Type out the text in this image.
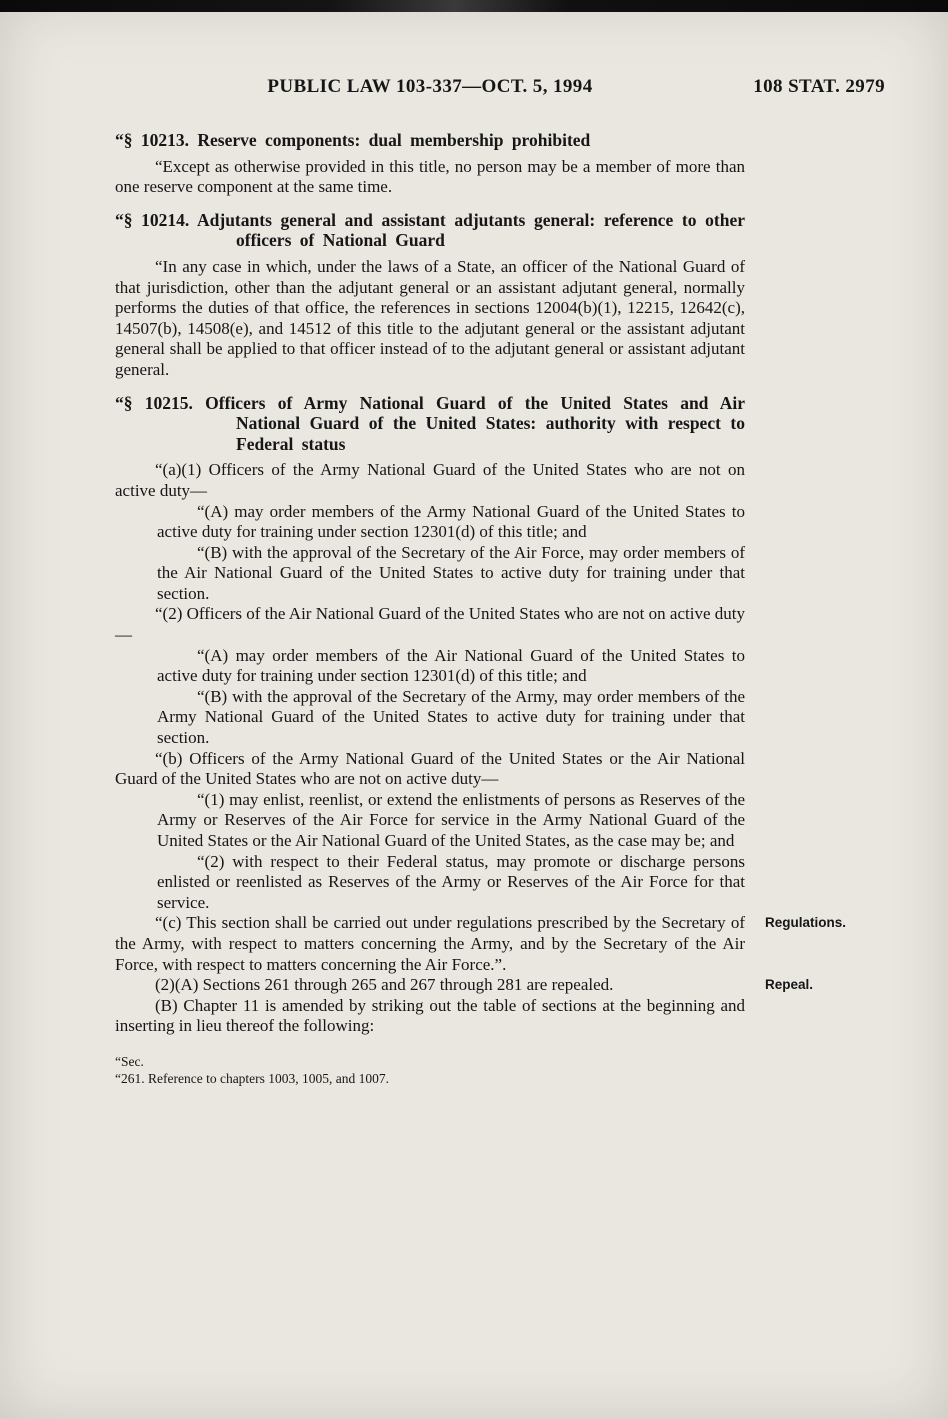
PUBLIC LAW 103-337—OCT. 5, 1994	108 STAT. 2979

“§ 10213. Reserve components: dual membership prohibited

“Except as otherwise provided in this title, no person may be a member of more than one reserve component at the same time.

“§ 10214. Adjutants general and assistant adjutants general: reference to other officers of National Guard

“In any case in which, under the laws of a State, an officer of the National Guard of that jurisdiction, other than the adjutant general or an assistant adjutant general, normally performs the duties of that office, the references in sections 12004(b)(1), 12215, 12642(c), 14507(b), 14508(e), and 14512 of this title to the adjutant general or the assistant adjutant general shall be applied to that officer instead of to the adjutant general or assistant adjutant general.

“§ 10215. Officers of Army National Guard of the United States and Air National Guard of the United States: authority with respect to Federal status

“(a)(1) Officers of the Army National Guard of the United States who are not on active duty—

“(A) may order members of the Army National Guard of the United States to active duty for training under section 12301(d) of this title; and

“(B) with the approval of the Secretary of the Air Force, may order members of the Air National Guard of the United States to active duty for training under that section.

“(2) Officers of the Air National Guard of the United States who are not on active duty—

“(A) may order members of the Air National Guard of the United States to active duty for training under section 12301(d) of this title; and

“(B) with the approval of the Secretary of the Army, may order members of the Army National Guard of the United States to active duty for training under that section.

“(b) Officers of the Army National Guard of the United States or the Air National Guard of the United States who are not on active duty—

“(1) may enlist, reenlist, or extend the enlistments of persons as Reserves of the Army or Reserves of the Air Force for service in the Army National Guard of the United States or the Air National Guard of the United States, as the case may be; and

“(2) with respect to their Federal status, may promote or discharge persons enlisted or reenlisted as Reserves of the Army or Reserves of the Air Force for that service.

“(c) This section shall be carried out under regulations prescribed by the Secretary of the Army, with respect to matters concerning the Army, and by the Secretary of the Air Force, with respect to matters concerning the Air Force.”.

Regulations.

(2)(A) Sections 261 through 265 and 267 through 281 are repealed.	Repeal.

(B) Chapter 11 is amended by striking out the table of sections at the beginning and inserting in lieu thereof the following:

“Sec.

“261. Reference to chapters 1003, 1005, and 1007.
